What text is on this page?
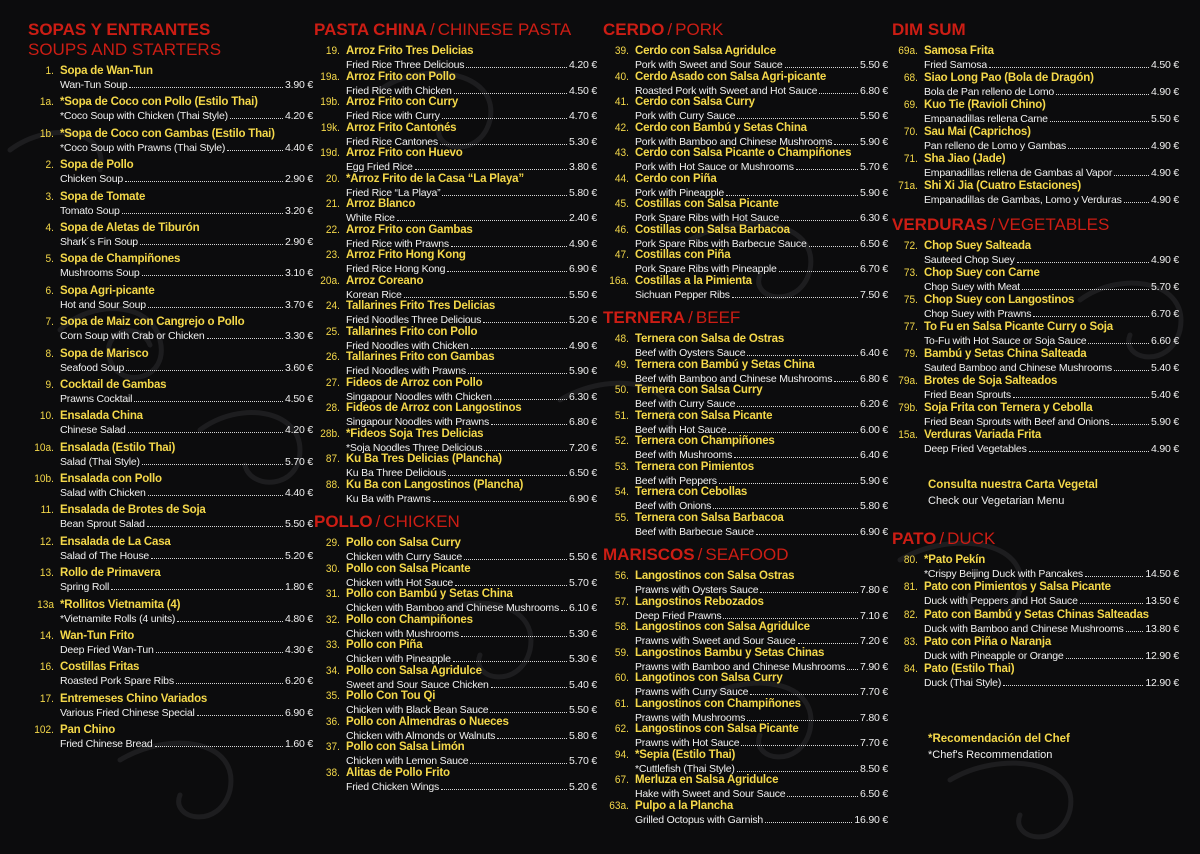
SOPAS Y ENTRANTES
SOUPS AND STARTERS
1. Sopa de Wan-Tun
Wan-Tun Soup	3.90 €
1a. *Sopa de Coco con Pollo (Estilo Thai)
*Coco Soup with Chicken (Thai Style)	4.20 €
1b. *Sopa de Coco con Gambas (Estilo Thai)
*Coco Soup with Prawns (Thai Style)	4.40 €
2. Sopa de Pollo
Chicken Soup	2.90 €
3. Sopa de Tomate
Tomato Soup	3.20 €
4. Sopa de Aletas de Tiburón
Shark´s Fin Soup	2.90 €
5. Sopa de Champiñones
Mushrooms Soup	3.10 €
6. Sopa Agri-picante
Hot and Sour Soup	3.70 €
7. Sopa de Maiz con Cangrejo o Pollo
Corn Soup with Crab or Chicken	3.30 €
8. Sopa de Marisco
Seafood Soup	3.60 €
9. Cocktail de Gambas
Prawns Cocktail	4.50 €
10. Ensalada China
Chinese Salad	4.20 €
10a. Ensalada (Estilo Thai)
Salad (Thai Style)	5.70 €
10b. Ensalada con Pollo
Salad with Chicken	4.40 €
11. Ensalada de Brotes de Soja
Bean Sprout Salad	5.50 €
12. Ensalada de La Casa
Salad of The House	5.20 €
13. Rollo de Primavera
Spring Roll	1.80 €
13a *Rollitos Vietnamita (4)
*Vietnamite Rolls (4 units)	4.80 €
14. Wan-Tun Frito
Deep Fried Wan-Tun	4.30 €
16. Costillas Fritas
Roasted Pork Spare Ribs	6.20 €
17. Entremeses Chino Variados
Various Fried Chinese Special	6.90 €
102. Pan Chino
Fried Chinese Bread	1.60 €
PASTA CHINA / CHINESE PASTA
19. Arroz Frito Tres Delicias
Fried Rice Three Delicious	4.20 €
19a. Arroz Frito con Pollo
Fried Rice with Chicken	4.50 €
19b. Arroz Frito con Curry
Fried Rice with Curry	4.70 €
19k. Arroz Frito Cantonés
Fried Rice Cantones	5.30 €
19d. Arroz Frito con Huevo
Egg Fried Rice	3.80 €
20. *Arroz Frito de la Casa “La Playa”
Fried Rice “La Playa”	5.80 €
21. Arroz Blanco
White Rice	2.40 €
22. Arroz Frito con Gambas
Fried Rice with Prawns	4.90 €
23. Arroz Frito Hong Kong
Fried Rice Hong Kong	6.90 €
20a. Arroz Coreano
Korean Rice	5.50 €
24. Tallarines Frito Tres Delicias
Fried Noodles Three Delicious	5.20 €
25. Tallarines Frito con Pollo
Fried Noodles with Chicken	4.90 €
26. Tallarines Frito con Gambas
Fried Noodles with Prawns	5.90 €
27. Fideos de Arroz con Pollo
Singapour Noodles with Chicken	6.30 €
28. Fideos de Arroz con Langostinos
Singapour Noodles with Prawns	6.80 €
28b. *Fideos Soja Tres Delicias
*Soja Noodles Three Delicious	7.20 €
87. Ku Ba Tres Delicias (Plancha)
Ku Ba Three Delicious	6.50 €
88. Ku Ba con Langostinos (Plancha)
Ku Ba with Prawns	6.90 €
POLLO / CHICKEN
29. Pollo con Salsa Curry
Chicken with Curry Sauce	5.50 €
30. Pollo con Salsa Picante
Chicken with Hot Sauce	5.70 €
31. Pollo con Bambú y Setas China
Chicken with Bamboo and Chinese Mushrooms 6.10 €
32. Pollo con Champiñones
Chicken with Mushrooms	5.30 €
33. Pollo con Piña
Chicken with Pineapple	5.30 €
34. Pollo con Salsa Agridulce
Sweet and Sour Sauce Chicken	5.40 €
35. Pollo Con Tou Qi
Chicken with Black Bean Sauce	5.50 €
36. Pollo con Almendras o Nueces
Chicken with Almonds or Walnuts	5.80 €
37. Pollo con Salsa Limón
Chicken with Lemon Sauce	5.70 €
38. Alitas de Pollo Frito
Fried Chicken Wings	5.20 €
CERDO / PORK
39. Cerdo con Salsa Agridulce
Pork with Sweet and Sour Sauce	5.50 €
40. Cerdo Asado con Salsa Agri-picante
Roasted Pork with Sweet and Hot Sauce	6.80 €
41. Cerdo con Salsa Curry
Pork with Curry Sauce	5.50 €
42. Cerdo con Bambú y Setas China
Pork with Bamboo and Chinese Mushrooms	5.90 €
43. Cerdo con Salsa Picante o Champiñones
Pork with Hot Sauce or Mushrooms	5.70 €
44. Cerdo con Piña
Pork with Pineapple	5.90 €
45. Costillas con Salsa Picante
Pork Spare Ribs with Hot Sauce	6.30 €
46. Costillas con Salsa Barbacoa
Pork Spare Ribs with Barbecue Sauce	6.50 €
47. Costillas con Piña
Pork Spare Ribs with Pineapple	6.70 €
16a. Costillas a la Pimienta
Sichuan Pepper Ribs	7.50 €
TERNERA / BEEF
48. Ternera con Salsa de Ostras
Beef with Oysters Sauce	6.40 €
49. Ternera con Bambú y Setas China
Beef with Bamboo and Chinese Mushrooms	6.80 €
50. Ternera con Salsa Curry
Beef with Curry Sauce	6.20 €
51. Ternera con Salsa Picante
Beef with Hot Sauce	6.00 €
52. Ternera con Champiñones
Beef with Mushrooms	6.40 €
53. Ternera con Pimientos
Beef with Peppers	5.90 €
54. Ternera con Cebollas
Beef with Onions	5.80 €
55. Ternera con Salsa Barbacoa
Beef with Barbecue Sauce	6.90 €
MARISCOS / SEAFOOD
56. Langostinos con Salsa Ostras
Prawns with Oysters Sauce	7.80 €
57. Langostinos Rebozados
Deep Fried Prawns	7.10 €
58. Langostinos con Salsa Agridulce
Prawns with Sweet and Sour Sauce	7.20 €
59. Langostinos Bambu y Setas Chinas
Prawns with Bamboo and Chinese Mushrooms 7.90 €
60. Langotinos con Salsa Curry
Prawns with Curry Sauce	7.70 €
61. Langostinos con Champiñones
Prawns with Mushrooms	7.80 €
62. Langostinos con Salsa Picante
Prawns with Hot Sauce	7.70 €
94. *Sepia (Estilo Thai)
*Cuttlefish (Thai Style)	8.50 €
67. Merluza en Salsa Agridulce
Hake with Sweet and Sour Sauce	6.50 €
63a. Pulpo a la Plancha
Grilled Octopus with Garnish	16.90 €
DIM SUM
69a. Samosa Frita
Fried Samosa	4.50 €
68. Siao Long Pao (Bola de Dragón)
Bola de Pan relleno de Lomo	4.90 €
69. Kuo Tie (Ravioli Chino)
Empanadillas rellena Carne	5.50 €
70. Sau Mai (Caprichos)
Pan relleno de Lomo y Gambas	4.90 €
71. Sha Jiao (Jade)
Empanadillas rellena de Gambas al Vapor	4.90 €
71a. Shi Xi Jia (Cuatro Estaciones)
Empanadillas de Gambas, Lomo y Verduras	4.90 €
VERDURAS / VEGETABLES
72. Chop Suey Salteada
Sauteed Chop Suey	4.90 €
73. Chop Suey con Carne
Chop Suey with Meat	5.70 €
75. Chop Suey con Langostinos
Chop Suey with Prawns	6.70 €
77. To Fu en Salsa Picante Curry o Soja
To-Fu with Hot Sauce or Soja Sauce	6.60 €
79. Bambú y Setas China Salteada
Sauted Bamboo and Chinese Mushrooms	5.40 €
79a. Brotes de Soja Salteados
Fried Bean Sprouts	5.40 €
79b. Soja Frita con Ternera y Cebolla
Fried Bean Sprouts with Beef and Onions	5.90 €
15a. Verduras Variada Frita
Deep Fried Vegetables	4.90 €
Consulta nuestra Carta Vegetal
Check our Vegetarian Menu
PATO / DUCK
80. *Pato Pekín
*Crispy Beijing Duck with Pancakes	14.50 €
81. Pato con Pimientos y Salsa Picante
Duck with Peppers and Hot Sauce	13.50 €
82. Pato con Bambú y Setas Chinas Salteadas
Duck with Bamboo and Chinese Mushrooms 13.80 €
83. Pato con Piña o Naranja
Duck with Pineapple or Orange	12.90 €
84. Pato (Estilo Thai)
Duck (Thai Style)	12.90 €
*Recomendación del Chef
*Chef's Recommendation
